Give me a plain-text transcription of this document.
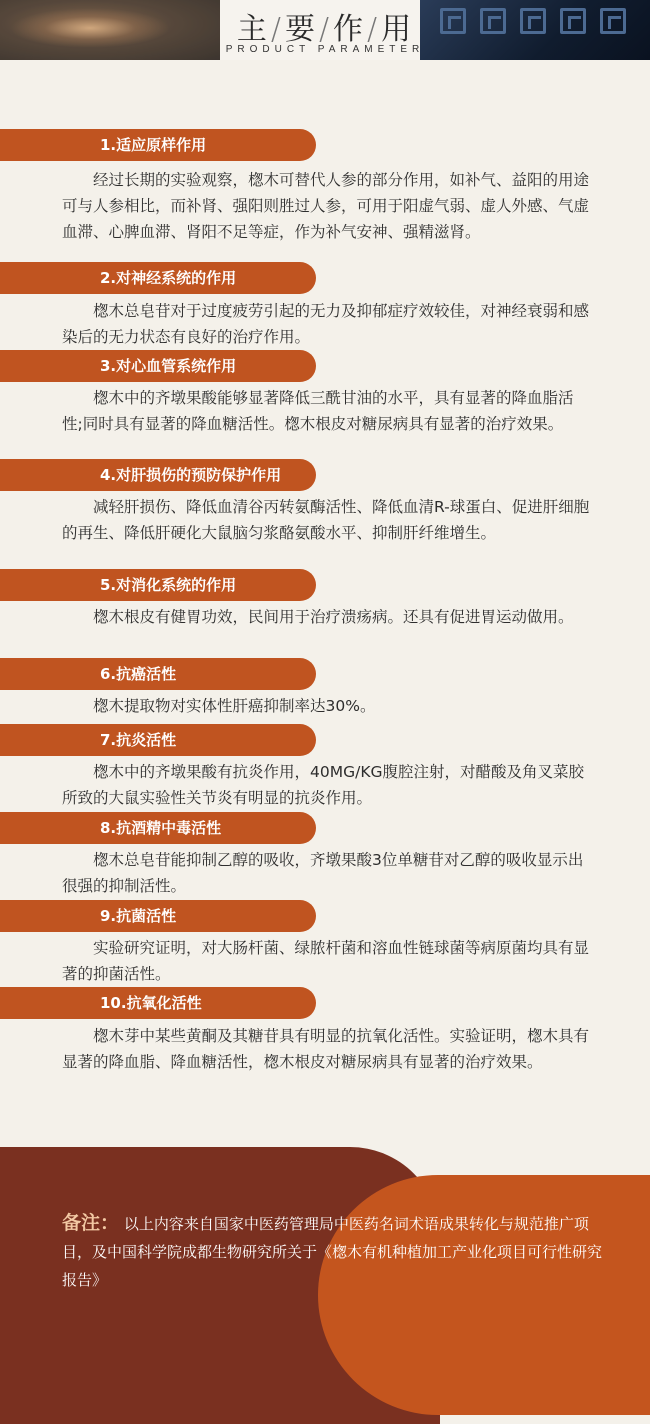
主/要/作/用
PRODUCT PARAMETER
1.适应原样作用
经过长期的实验观察，楤木可替代人参的部分作用，如补气、益阳的用途可与人参相比，而补肾、强阳则胜过人参，可用于阳虚气弱、虚人外感、气虚血滞、心脾血滞、肾阳不足等症，作为补气安神、强精滋肾。
2.对神经系统的作用
楤木总皂苷对于过度疲劳引起的无力及抑郁症疗效较佳，对神经衰弱和感染后的无力状态有良好的治疗作用。
3.对心血管系统作用
楤木中的齐墩果酸能够显著降低三酰甘油的水平，具有显著的降血脂活性;同时具有显著的降血糖活性。楤木根皮对糖尿病具有显著的治疗效果。
4.对肝损伤的预防保护作用
减轻肝损伤、降低血清谷丙转氨酶活性、降低血清R-球蛋白、促进肝细胞的再生、降低肝硬化大鼠脑匀浆酪氨酸水平、抑制肝纤维增生。
5.对消化系统的作用
楤木根皮有健胃功效，民间用于治疗溃疡病。还具有促进胃运动做用。
6.抗癌活性
楤木提取物对实体性肝癌抑制率达30%。
7.抗炎活性
楤木中的齐墩果酸有抗炎作用，40MG/KG腹腔注射，对醋酸及角叉菜胶所致的大鼠实验性关节炎有明显的抗炎作用。
8.抗酒精中毒活性
楤木总皂苷能抑制乙醇的吸收，齐墩果酸3位单糖苷对乙醇的吸收显示出很强的抑制活性。
9.抗菌活性
实验研究证明，对大肠杆菌、绿脓杆菌和溶血性链球菌等病原菌均具有显著的抑菌活性。
10.抗氧化活性
楤木芽中某些黄酮及其糖苷具有明显的抗氧化活性。实验证明，楤木具有显著的降血脂、降血糖活性，楤木根皮对糖尿病具有显著的治疗效果。
备注： 以上内容来自国家中医药管理局中医药名词术语成果转化与规范推广项目，及中国科学院成都生物研究所关于《楤木有机种植加工产业化项目可行性研究报告》
